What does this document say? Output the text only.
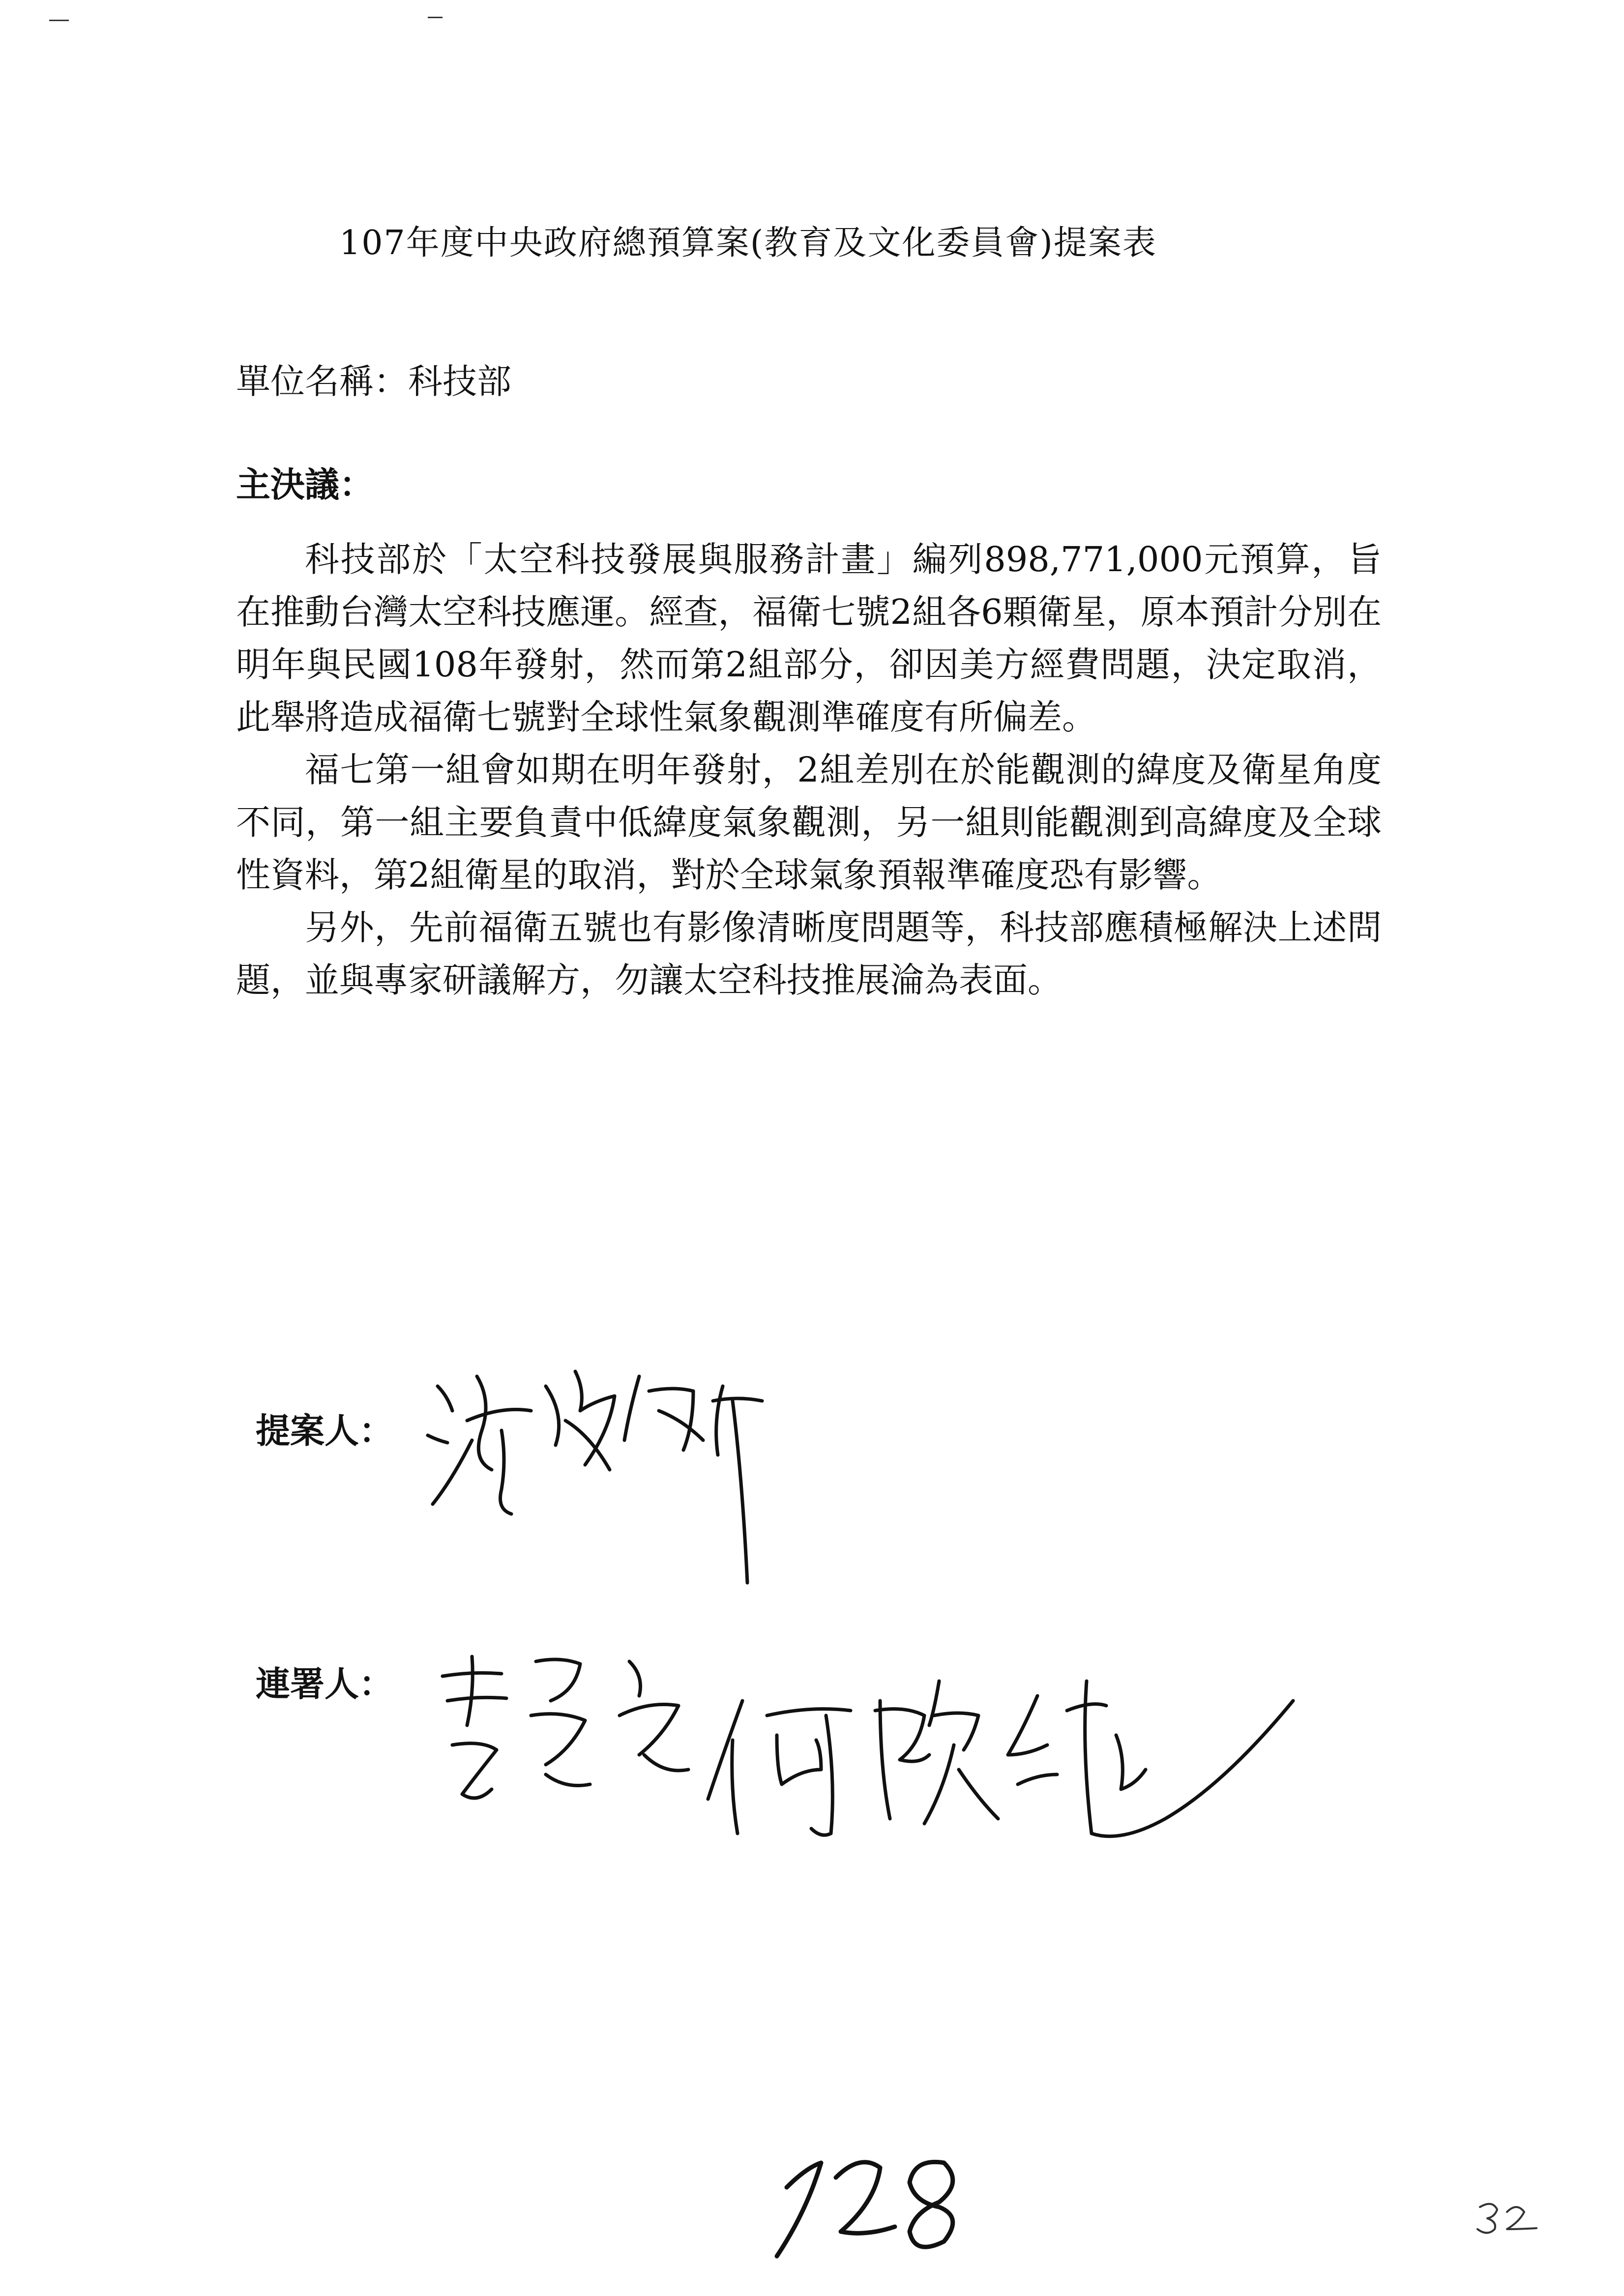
107年度中央政府總預算案(教育及文化委員會)提案表
單位名稱：科技部
主決議：

科技部於「太空科技發展與服務計畫」編列898,771,000元預算，旨在推動台灣太空科技應運。經查，福衛七號2組各6顆衛星，原本預計分別在明年與民國108年發射，然而第2組部分，卻因美方經費問題，決定取消，此舉將造成福衛七號對全球性氣象觀測準確度有所偏差。

福七第一組會如期在明年發射，2組差別在於能觀測的緯度及衛星角度不同，第一組主要負責中低緯度氣象觀測，另一組則能觀測到高緯度及全球性資料，第2組衛星的取消，對於全球氣象預報準確度恐有影響。

另外，先前福衛五號也有影像清晰度問題等，科技部應積極解決上述問題，並與專家研議解方，勿讓太空科技推展淪為表面。

提案人：
連署人：
